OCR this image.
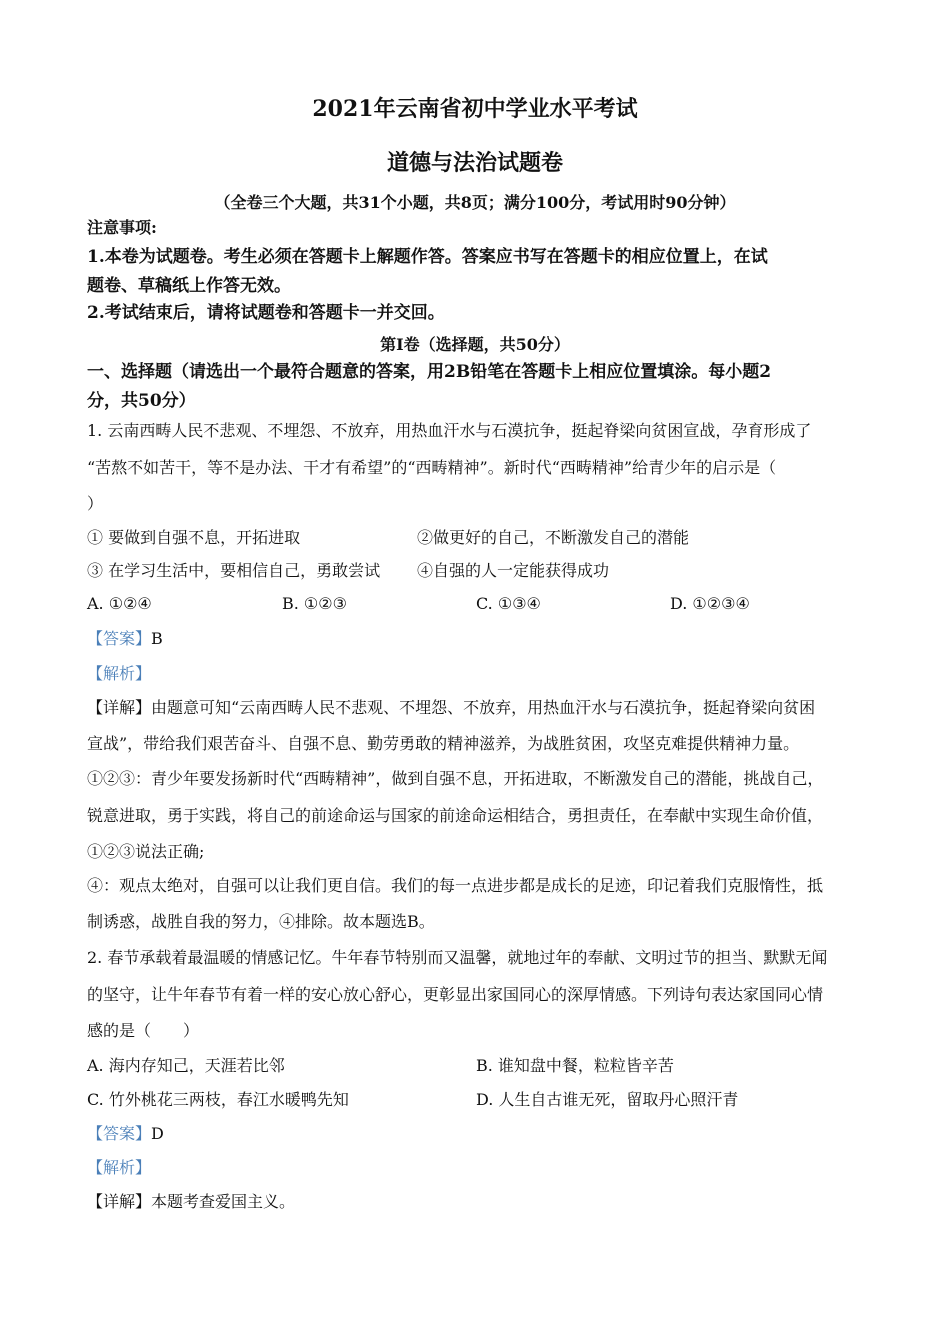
2021年云南省初中学业水平考试
道德与法治试题卷
（全卷三个大题，共31个小题，共8页；满分100分，考试用时90分钟）
注意事项:
1.本卷为试题卷。考生必须在答题卡上解题作答。答案应书写在答题卡的相应位置上，在试
题卷、草稿纸上作答无效。
2.考试结束后，请将试题卷和答题卡一并交回。
第Ⅰ卷（选择题，共50分）
一、选择题（请选出一个最符合题意的答案，用2B铅笔在答题卡上相应位置填涂。每小题2
分，共50分）
1. 云南西畴人民不悲观、不埋怨、不放弃，用热血汗水与石漠抗争，挺起脊梁向贫困宣战，孕育形成了
“苦熬不如苦干，等不是办法、干才有希望”的“西畴精神”。新时代“西畴精神”给青少年的启示是（
）
① 要做到自强不息，开拓进取	②做更好的自己，不断激发自己的潜能
③ 在学习生活中，要相信自己，勇敢尝试 ④自强的人一定能获得成功
A. ①②④	B. ①②③	C. ①③④	D. ①②③④
【答案】B
【解析】
【详解】由题意可知“云南西畴人民不悲观、不埋怨、不放弃，用热血汗水与石漠抗争，挺起脊梁向贫困
宣战”，带给我们艰苦奋斗、自强不息、勤劳勇敢的精神滋养，为战胜贫困，攻坚克难提供精神力量。
①②③：青少年要发扬新时代“西畴精神”，做到自强不息，开拓进取，不断激发自己的潜能，挑战自己，
锐意进取，勇于实践，将自己的前途命运与国家的前途命运相结合，勇担责任，在奉献中实现生命价值，
①②③说法正确;
④：观点太绝对，自强可以让我们更自信。我们的每一点进步都是成长的足迹，印记着我们克服惰性，抵
制诱惑，战胜自我的努力，④排除。故本题选B。
2. 春节承载着最温暖的情感记忆。牛年春节特别而又温馨，就地过年的奉献、文明过节的担当、默默无闻
的坚守，让牛年春节有着一样的安心放心舒心，更彰显出家国同心的深厚情感。下列诗句表达家国同心情
感的是（　　）
A. 海内存知己，天涯若比邻	B. 谁知盘中餐，粒粒皆辛苦
C. 竹外桃花三两枝，春江水暖鸭先知	D. 人生自古谁无死，留取丹心照汗青
【答案】D
【解析】
【详解】本题考查爱国主义。
